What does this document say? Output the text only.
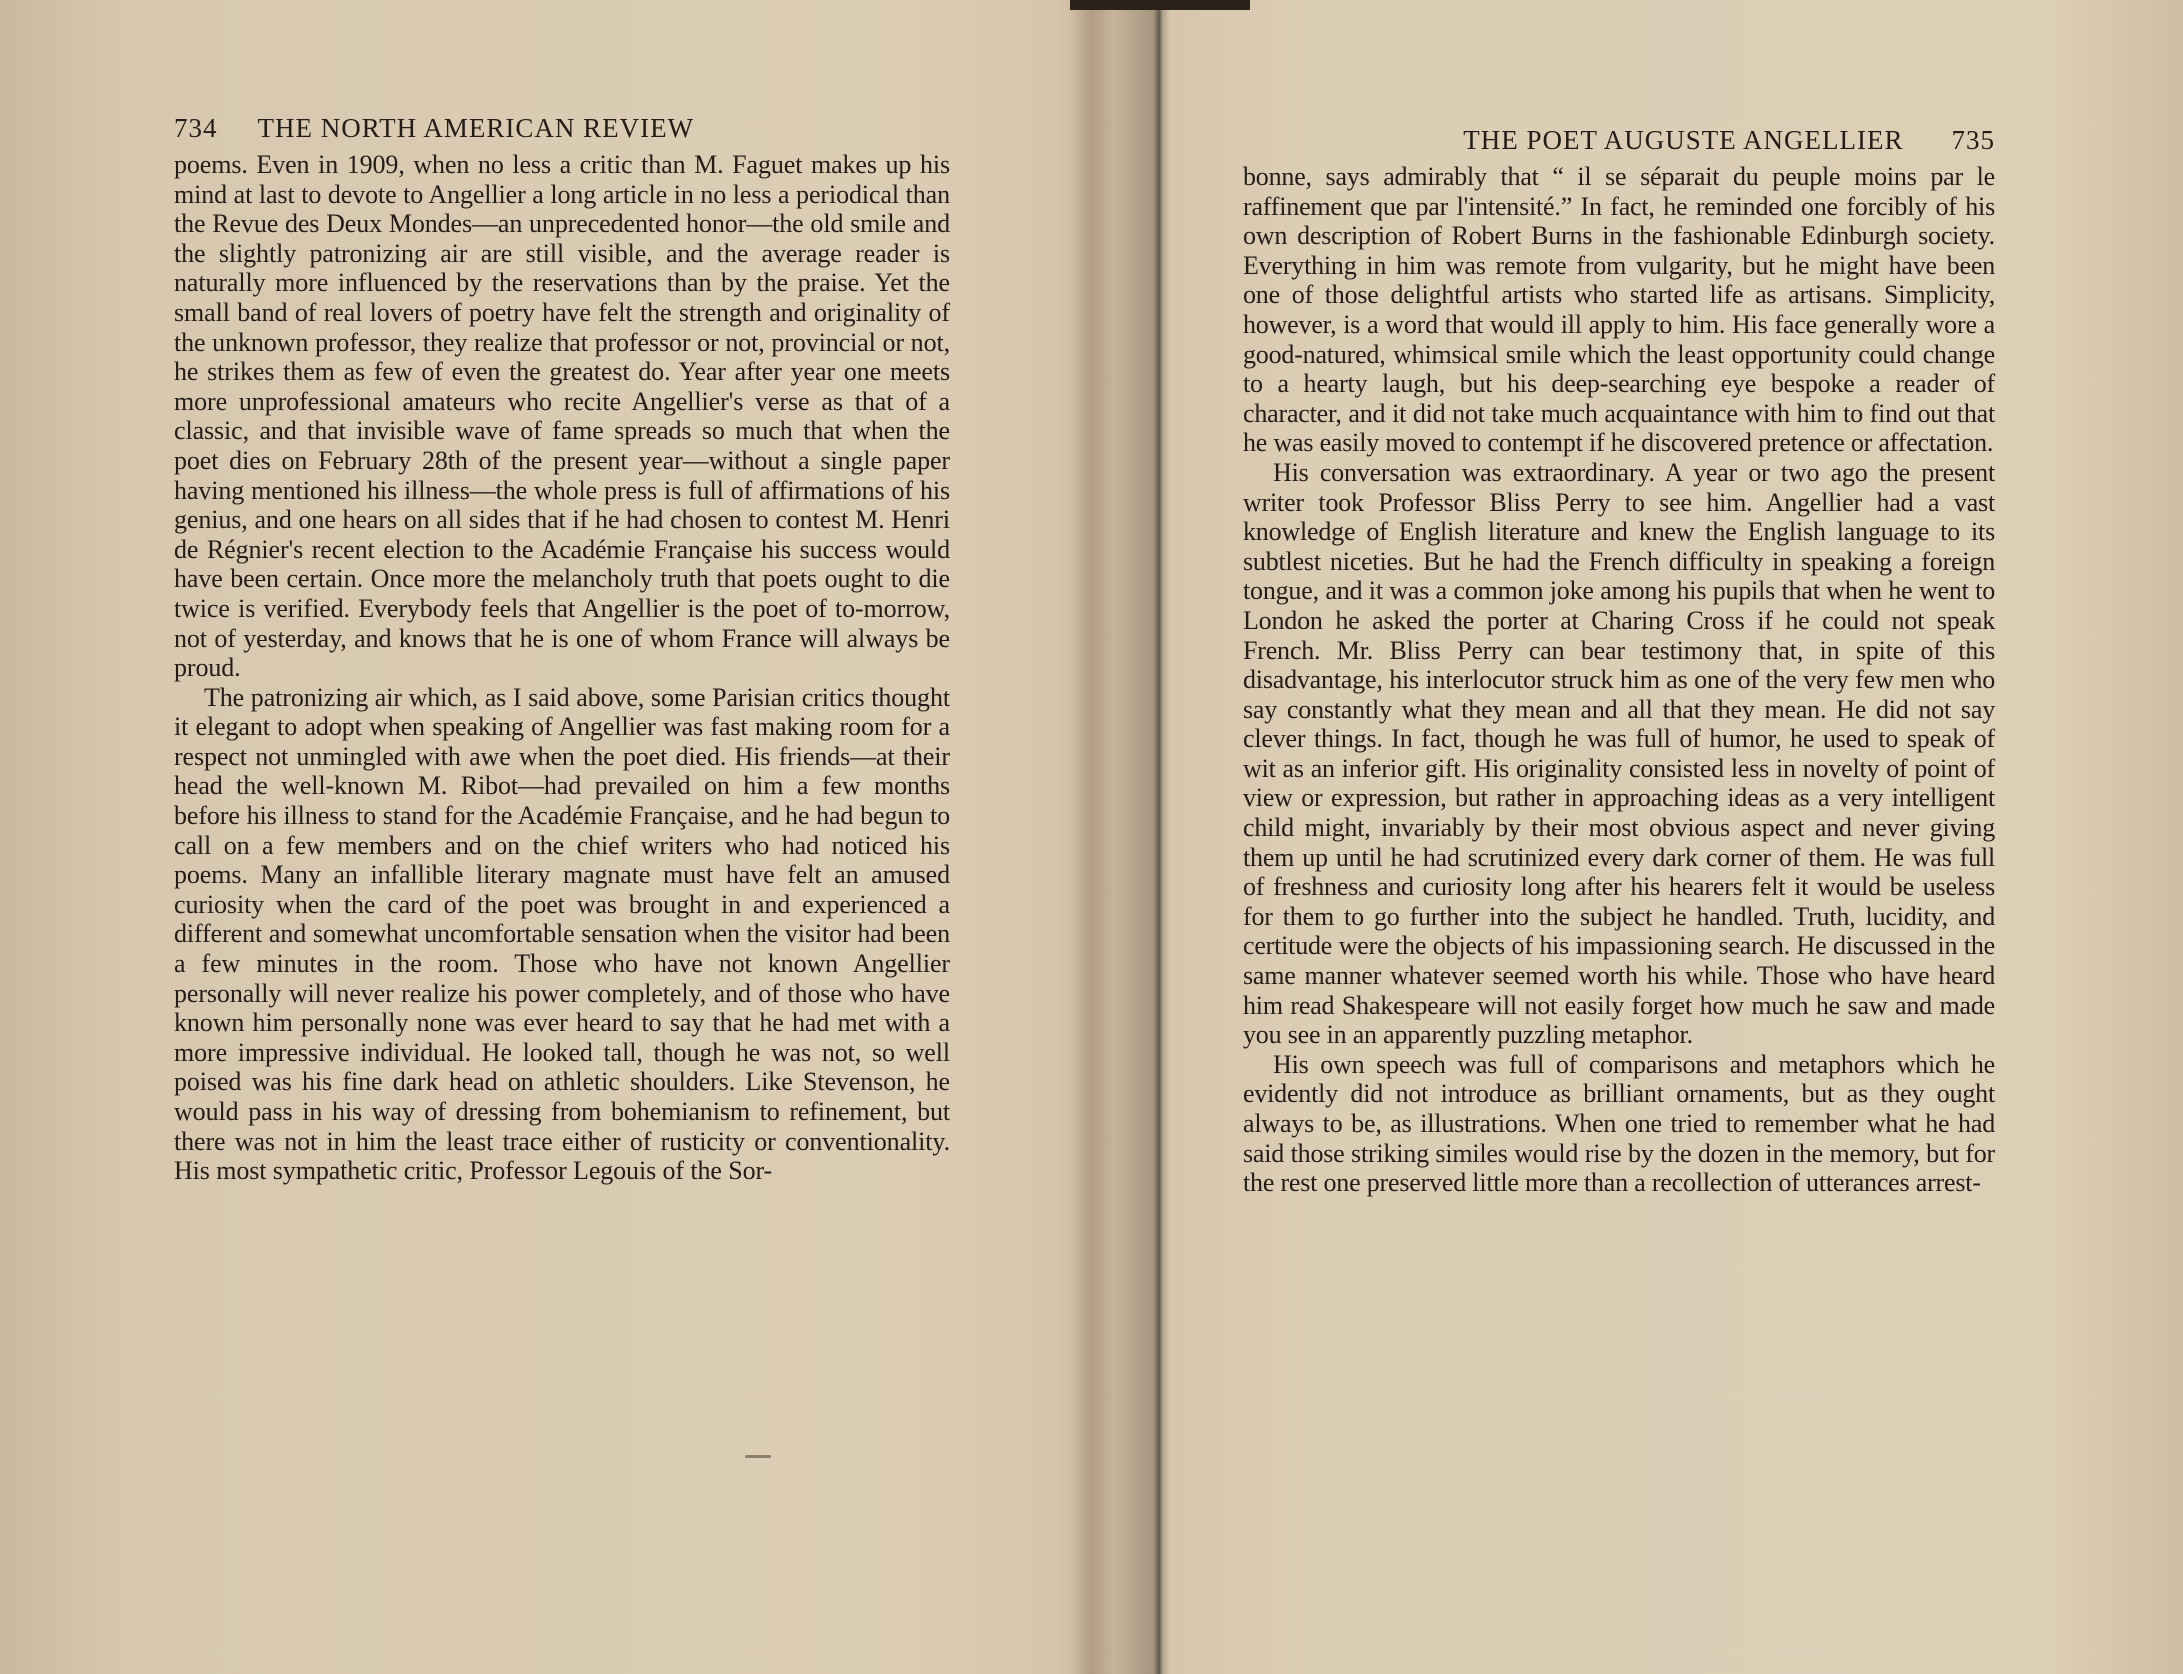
734 THE NORTH AMERICAN REVIEW

poems. Even in 1909, when no less a critic than M. Faguet makes up his mind at last to devote to Angellier a long article in no less a periodical than the Revue des Deux Mondes—an unprecedented honor—the old smile and the slightly patronizing air are still visible, and the average reader is naturally more influenced by the reservations than by the praise. Yet the small band of real lovers of poetry have felt the strength and originality of the unknown professor, they realize that professor or not, provincial or not, he strikes them as few of even the greatest do. Year after year one meets more unprofessional amateurs who recite Angellier's verse as that of a classic, and that invisible wave of fame spreads so much that when the poet dies on February 28th of the present year—without a single paper having mentioned his illness—the whole press is full of affirmations of his genius, and one hears on all sides that if he had chosen to contest M. Henri de Régnier's recent election to the Académie Française his success would have been certain. Once more the melancholy truth that poets ought to die twice is verified. Everybody feels that Angellier is the poet of to-morrow, not of yesterday, and knows that he is one of whom France will always be proud.

The patronizing air which, as I said above, some Parisian critics thought it elegant to adopt when speaking of Angellier was fast making room for a respect not unmingled with awe when the poet died. His friends—at their head the well-known M. Ribot—had prevailed on him a few months before his illness to stand for the Académie Française, and he had begun to call on a few members and on the chief writers who had noticed his poems. Many an infallible literary magnate must have felt an amused curiosity when the card of the poet was brought in and experienced a different and somewhat uncomfortable sensation when the visitor had been a few minutes in the room. Those who have not known Angellier personally will never realize his power completely, and of those who have known him personally none was ever heard to say that he had met with a more impressive individual. He looked tall, though he was not, so well poised was his fine dark head on athletic shoulders. Like Stevenson, he would pass in his way of dressing from bohemianism to refinement, but there was not in him the least trace either of rusticity or conventionality. His most sympathetic critic, Professor Legouis of the Sor-

THE POET AUGUSTE ANGELLIER 735

bonne, says admirably that “ il se séparait du peuple moins par le raffinement que par l'intensité.” In fact, he reminded one forcibly of his own description of Robert Burns in the fashionable Edinburgh society. Everything in him was remote from vulgarity, but he might have been one of those delightful artists who started life as artisans. Simplicity, however, is a word that would ill apply to him. His face generally wore a good-natured, whimsical smile which the least opportunity could change to a hearty laugh, but his deep-searching eye bespoke a reader of character, and it did not take much acquaintance with him to find out that he was easily moved to contempt if he discovered pretence or affectation.

His conversation was extraordinary. A year or two ago the present writer took Professor Bliss Perry to see him. Angellier had a vast knowledge of English literature and knew the English language to its subtlest niceties. But he had the French difficulty in speaking a foreign tongue, and it was a common joke among his pupils that when he went to London he asked the porter at Charing Cross if he could not speak French. Mr. Bliss Perry can bear testimony that, in spite of this disadvantage, his interlocutor struck him as one of the very few men who say constantly what they mean and all that they mean. He did not say clever things. In fact, though he was full of humor, he used to speak of wit as an inferior gift. His originality consisted less in novelty of point of view or expression, but rather in approaching ideas as a very intelligent child might, invariably by their most obvious aspect and never giving them up until he had scrutinized every dark corner of them. He was full of freshness and curiosity long after his hearers felt it would be useless for them to go further into the subject he handled. Truth, lucidity, and certitude were the objects of his impassioning search. He discussed in the same manner whatever seemed worth his while. Those who have heard him read Shakespeare will not easily forget how much he saw and made you see in an apparently puzzling metaphor.

His own speech was full of comparisons and metaphors which he evidently did not introduce as brilliant ornaments, but as they ought always to be, as illustrations. When one tried to remember what he had said those striking similes would rise by the dozen in the memory, but for the rest one preserved little more than a recollection of utterances arrest-
